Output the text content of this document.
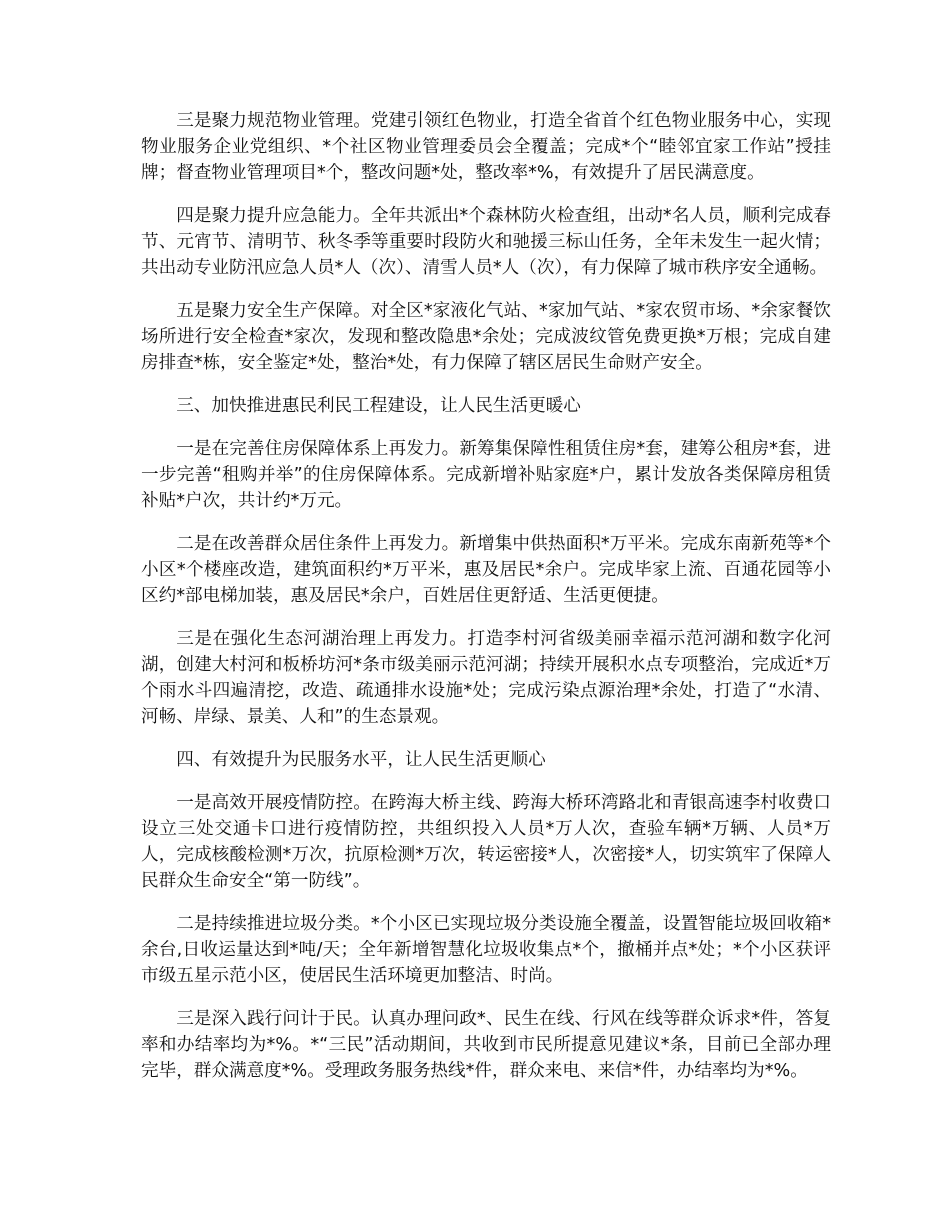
三是聚力规范物业管理。党建引领红色物业，打造全省首个红色物业服务中心，实现物业服务企业党组织、*个社区物业管理委员会全覆盖；完成*个“睦邻宜家工作站”授挂牌；督查物业管理项目*个，整改问题*处，整改率*%，有效提升了居民满意度。

四是聚力提升应急能力。全年共派出*个森林防火检查组，出动*名人员，顺利完成春节、元宵节、清明节、秋冬季等重要时段防火和驰援三标山任务，全年未发生一起火情；共出动专业防汛应急人员*人（次）、清雪人员*人（次），有力保障了城市秩序安全通畅。

五是聚力安全生产保障。对全区*家液化气站、*家加气站、*家农贸市场、*余家餐饮场所进行安全检查*家次，发现和整改隐患*余处；完成波纹管免费更换*万根；完成自建房排查*栋，安全鉴定*处，整治*处，有力保障了辖区居民生命财产安全。

三、加快推进惠民利民工程建设，让人民生活更暖心

一是在完善住房保障体系上再发力。新筹集保障性租赁住房*套，建筹公租房*套，进一步完善“租购并举”的住房保障体系。完成新增补贴家庭*户，累计发放各类保障房租赁补贴*户次，共计约*万元。

二是在改善群众居住条件上再发力。新增集中供热面积*万平米。完成东南新苑等*个小区*个楼座改造，建筑面积约*万平米，惠及居民*余户。完成毕家上流、百通花园等小区约*部电梯加装，惠及居民*余户，百姓居住更舒适、生活更便捷。

三是在强化生态河湖治理上再发力。打造李村河省级美丽幸福示范河湖和数字化河湖，创建大村河和板桥坊河*条市级美丽示范河湖；持续开展积水点专项整治，完成近*万个雨水斗四遍清挖，改造、疏通排水设施*处；完成污染点源治理*余处，打造了“水清、河畅、岸绿、景美、人和”的生态景观。

四、有效提升为民服务水平，让人民生活更顺心

一是高效开展疫情防控。在跨海大桥主线、跨海大桥环湾路北和青银高速李村收费口设立三处交通卡口进行疫情防控，共组织投入人员*万人次，查验车辆*万辆、人员*万人，完成核酸检测*万次，抗原检测*万次，转运密接*人，次密接*人，切实筑牢了保障人民群众生命安全“第一防线”。

二是持续推进垃圾分类。*个小区已实现垃圾分类设施全覆盖，设置智能垃圾回收箱*余台,日收运量达到*吨/天；全年新增智慧化垃圾收集点*个，撤桶并点*处；*个小区获评市级五星示范小区，使居民生活环境更加整洁、时尚。

三是深入践行问计于民。认真办理问政*、民生在线、行风在线等群众诉求*件，答复率和办结率均为*%。*“三民”活动期间，共收到市民所提意见建议*条，目前已全部办理完毕，群众满意度*%。受理政务服务热线*件，群众来电、来信*件，办结率均为*%。
